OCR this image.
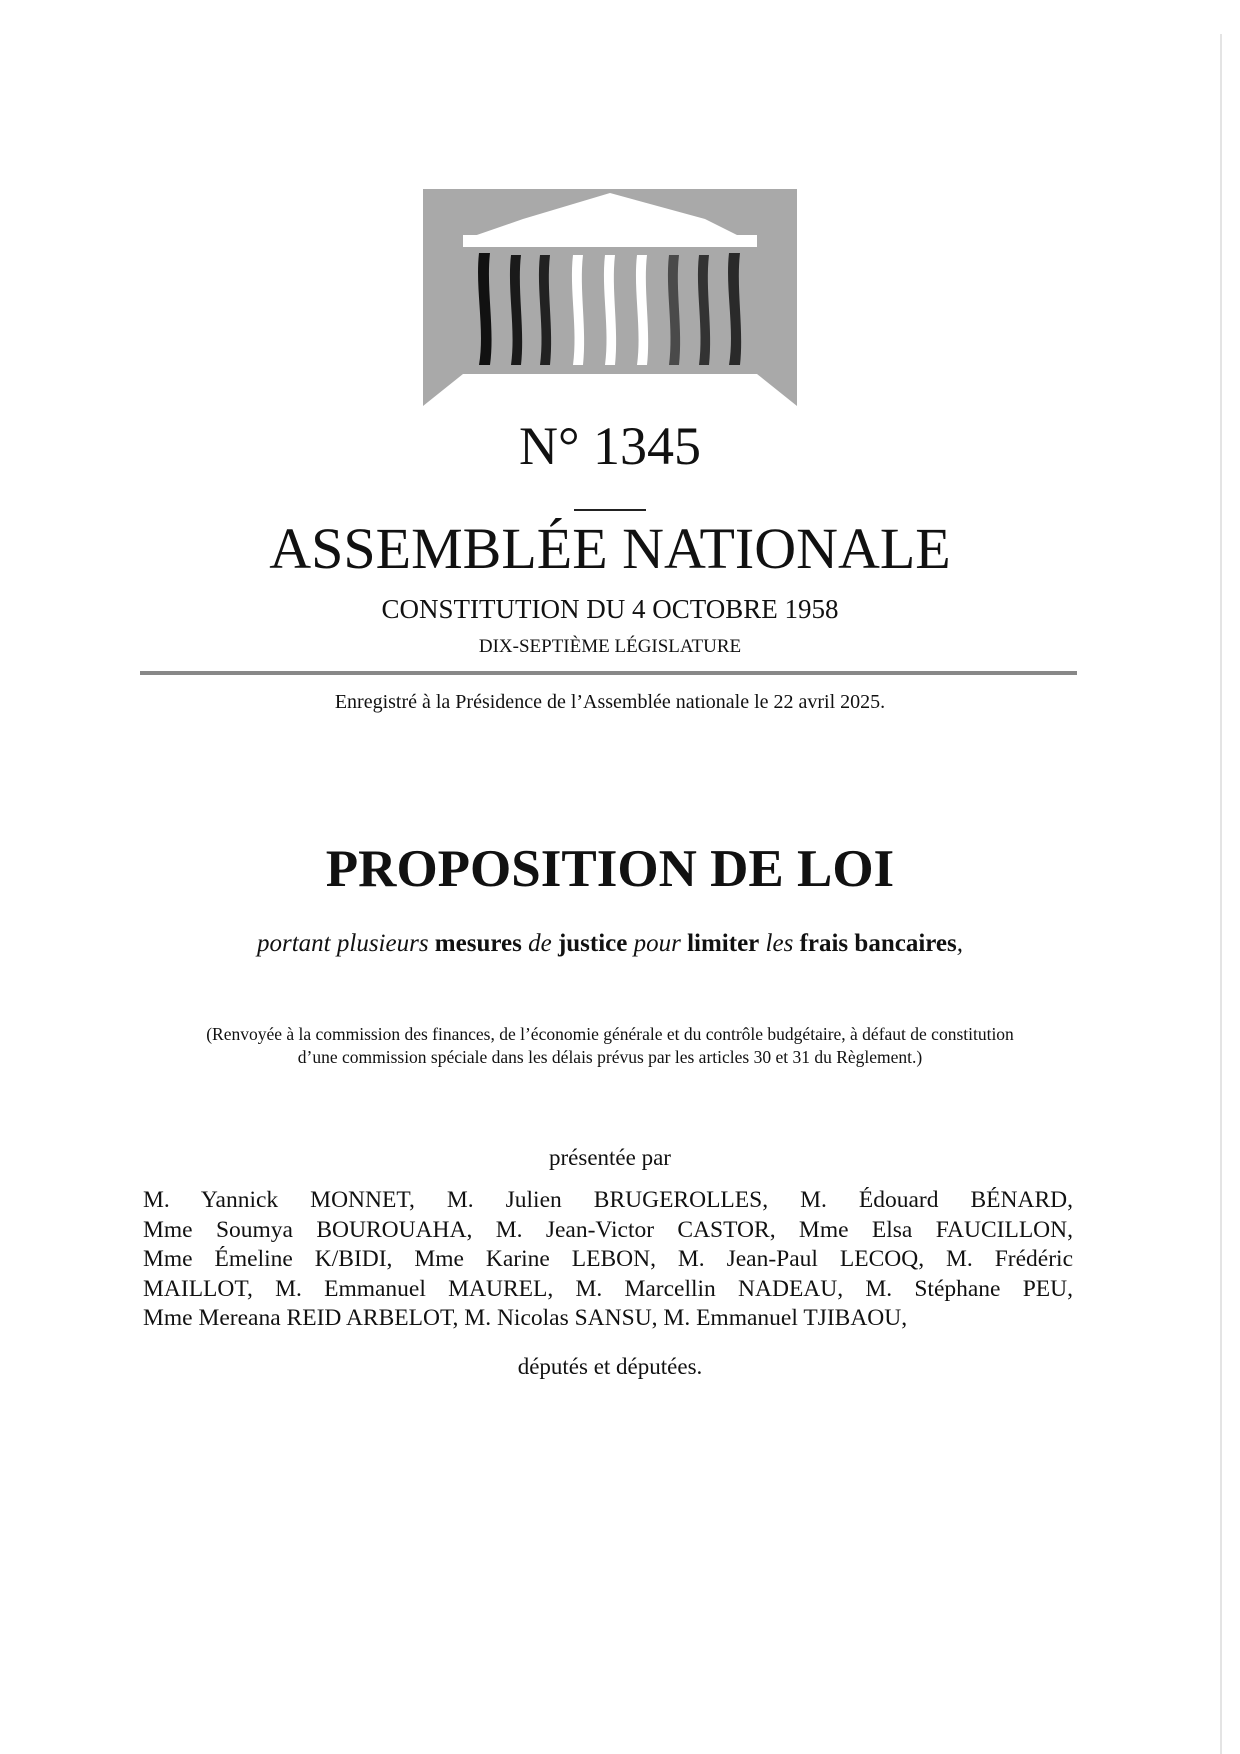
N° 1345
ASSEMBLÉE NATIONALE
CONSTITUTION DU 4 OCTOBRE 1958
DIX-SEPTIÈME LÉGISLATURE
Enregistré à la Présidence de l’Assemblée nationale le 22 avril 2025.
PROPOSITION DE LOI
portant plusieurs mesures de justice pour limiter les frais bancaires,
(Renvoyée à la commission des finances, de l’économie générale et du contrôle budgétaire, à défaut de constitution
d’une commission spéciale dans les délais prévus par les articles 30 et 31 du Règlement.)
présentée par
M. Yannick MONNET, M. Julien BRUGEROLLES, M. Édouard BÉNARD,
Mme Soumya BOUROUAHA, M. Jean-Victor CASTOR, Mme Elsa FAUCILLON,
Mme Émeline K/BIDI, Mme Karine LEBON, M. Jean-Paul LECOQ, M. Frédéric
MAILLOT, M. Emmanuel MAUREL, M. Marcellin NADEAU, M. Stéphane PEU,
Mme Mereana REID ARBELOT, M. Nicolas SANSU, M. Emmanuel TJIBAOU,
députés et députées.
